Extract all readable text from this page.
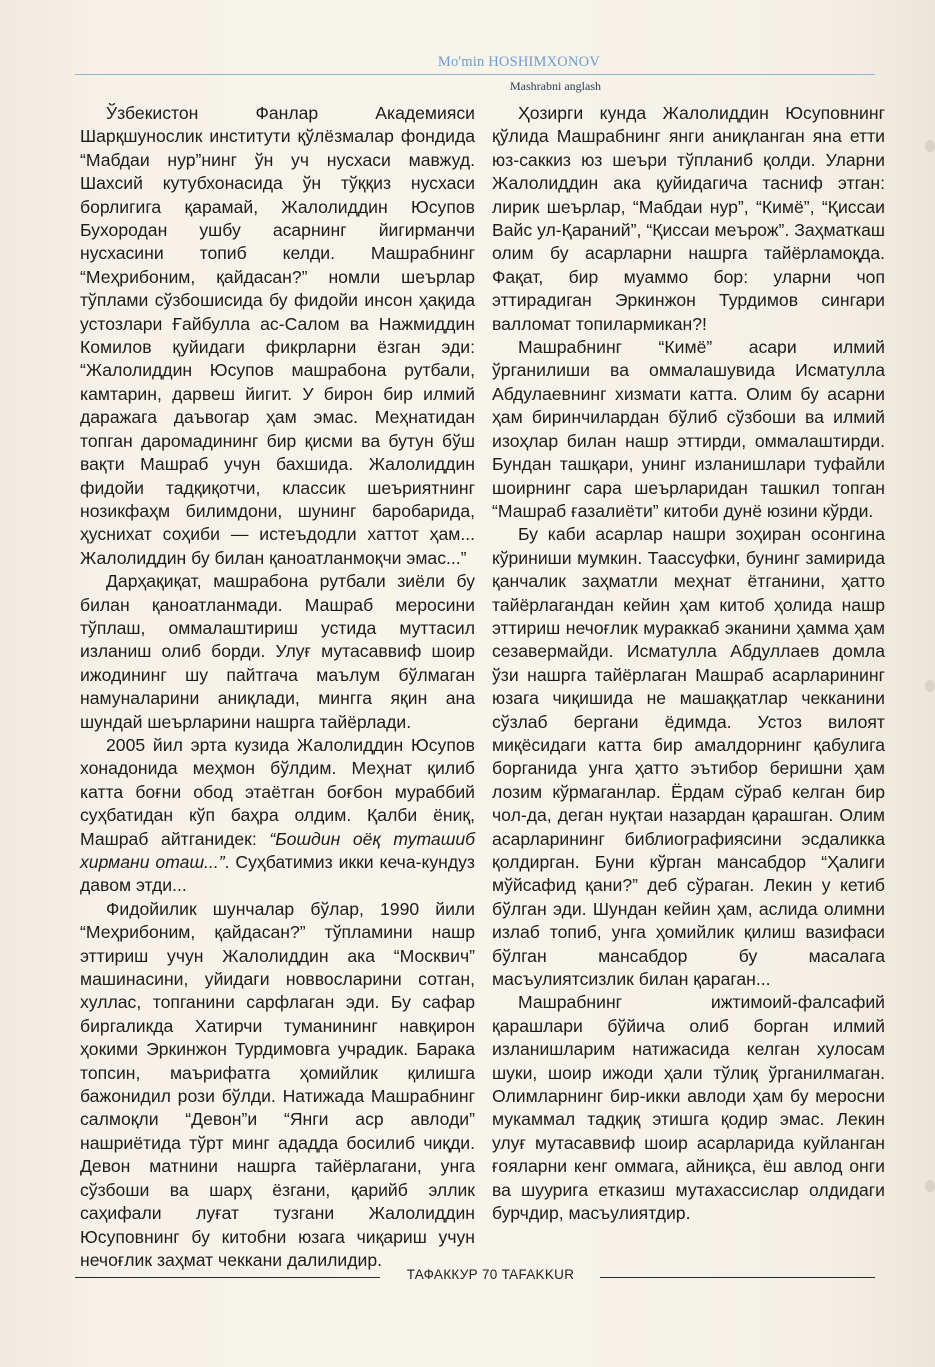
Mo'min HOSHIMXONOV
Mashrabni anglash

Ўзбекистон Фанлар Академияси Шарқшунослик институти қўлёзмалар фондида “Мабдаи нур”нинг ўн уч нусхаси мавжуд. Шахсий кутубхонасида ўн тўққиз нусхаси борлигига қарамай, Жалолиддин Юсупов Бухородан ушбу асарнинг йигирманчи нусхасини топиб келди. Машрабнинг “Меҳрибоним, қайдасан?” номли шеърлар тўплами сўзбошисида бу фидойи инсон ҳақида устозлари Ғайбулла ас-Салом ва Нажмиддин Комилов қуйидаги фикрларни ёзган эди: “Жалолиддин Юсупов машрабона рутбали, камтарин, дарвеш йигит. У бирон бир илмий даражага даъвогар ҳам эмас. Меҳнатидан топган даромадининг бир қисми ва бутун бўш вақти Машраб учун бахшида. Жалолиддин фидойи тадқиқотчи, классик шеъриятнинг нозикфаҳм билимдони, шунинг баробарида, ҳуснихат соҳиби — истеъдодли хаттот ҳам... Жалолиддин бу билан қаноатланмоқчи эмас...”

Дарҳақиқат, машрабона рутбали зиёли бу билан қаноатланмади. Машраб меросини тўплаш, оммалаштириш устида муттасил изланиш олиб борди. Улуғ мутасаввиф шоир ижодининг шу пайтгача маълум бўлмаган намуналарини аниқлади, мингга яқин ана шундай шеърларини нашрга тайёрлади.

2005 йил эрта кузида Жалолиддин Юсупов хонадонида меҳмон бўлдим. Меҳнат қилиб катта боғни обод этаётган боғбон мураббий суҳбатидан кўп баҳра олдим. Қалби ёниқ, Машраб айтганидек: “Бошдин оёқ туташиб хирмани оташ...”. Суҳбатимиз икки кеча-кундуз давом этди...

Фидойилик шунчалар бўлар, 1990 йили “Меҳрибоним, қайдасан?” тўпламини нашр эттириш учун Жалолиддин ака “Москвич” машинасини, уйидаги новвосларини сотган, хуллас, топганини сарфлаган эди. Бу сафар биргаликда Хатирчи туманининг навқирон ҳокими Эркинжон Турдимовга учрадик. Барака топсин, маърифатга ҳомийлик қилишга бажонидил рози бўлди. Натижада Машрабнинг салмоқли “Девон”и “Янги аср авлоди” нашриётида тўрт минг ададда босилиб чиқди. Девон матнини нашрга тайёрлагани, унга сўзбоши ва шарҳ ёзгани, қарийб эллик саҳифали луғат тузгани Жалолиддин Юсуповнинг бу китобни юзага чиқариш учун нечоғлик заҳмат чеккани далилидир.

Ҳозирги кунда Жалолиддин Юсуповнинг қўлида Машрабнинг янги аниқланган яна етти юз-саккиз юз шеъри тўпланиб қолди. Уларни Жалолиддин ака қуйидагича тасниф этган: лирик шеърлар, “Мабдаи нур”, “Кимё”, “Қиссаи Вайс ул-Қараний”, “Қиссаи меърож”. Заҳматкаш олим бу асарларни нашрга тайёрламоқда. Фақат, бир муаммо бор: уларни чоп эттирадиган Эркинжон Турдимов сингари валломат топилармикан?!

Машрабнинг “Кимё” асари илмий ўрганилиши ва оммалашувида Исматулла Абдулаевнинг хизмати катта. Олим бу асарни ҳам биринчилардан бўлиб сўзбоши ва илмий изоҳлар билан нашр эттирди, оммалаштирди. Бундан ташқари, унинг изланишлари туфайли шоирнинг сара шеърларидан ташкил топган “Машраб ғазалиёти” китоби дунё юзини кўрди.

Бу каби асарлар нашри зоҳиран осонгина кўриниши мумкин. Таассуфки, бунинг замирида қанчалик заҳматли меҳнат ётганини, ҳатто тайёрлагандан кейин ҳам китоб ҳолида нашр эттириш нечоғлик мураккаб эканини ҳамма ҳам сезавермайди. Исматулла Абдуллаев домла ўзи нашрга тайёрлаган Машраб асарларининг юзага чиқишида не машаққатлар чекканини сўзлаб бергани ёдимда. Устоз вилоят миқёсидаги катта бир амалдорнинг қабулига борганида унга ҳатто эътибор беришни ҳам лозим кўрмаганлар. Ёрдам сўраб келган бир чол-да, деган нуқтаи назардан қарашган. Олим асарларининг библиографиясини эсдаликка қолдирган. Буни кўрган мансабдор “Ҳалиги мўйсафид қани?” деб сўраган. Лекин у кетиб бўлган эди. Шундан кейин ҳам, аслида олимни излаб топиб, унга ҳомийлик қилиш вазифаси бўлган мансабдор бу масалага масъулиятсизлик билан қараган...

Машрабнинг ижтимоий-фалсафий қарашлари бўйича олиб борган илмий изланишларим натижасида келган хулосам шуки, шоир ижоди ҳали тўлиқ ўрганилмаган. Олимларнинг бир-икки авлоди ҳам бу меросни мукаммал тадқиқ этишга қодир эмас. Лекин улуғ мутасаввиф шоир асарларида куйланган ғояларни кенг оммага, айниқса, ёш авлод онги ва шуурига етказиш мутахассислар олдидаги бурчдир, масъулиятдир.

ТАФАККУР 70 TAFAKKUR
